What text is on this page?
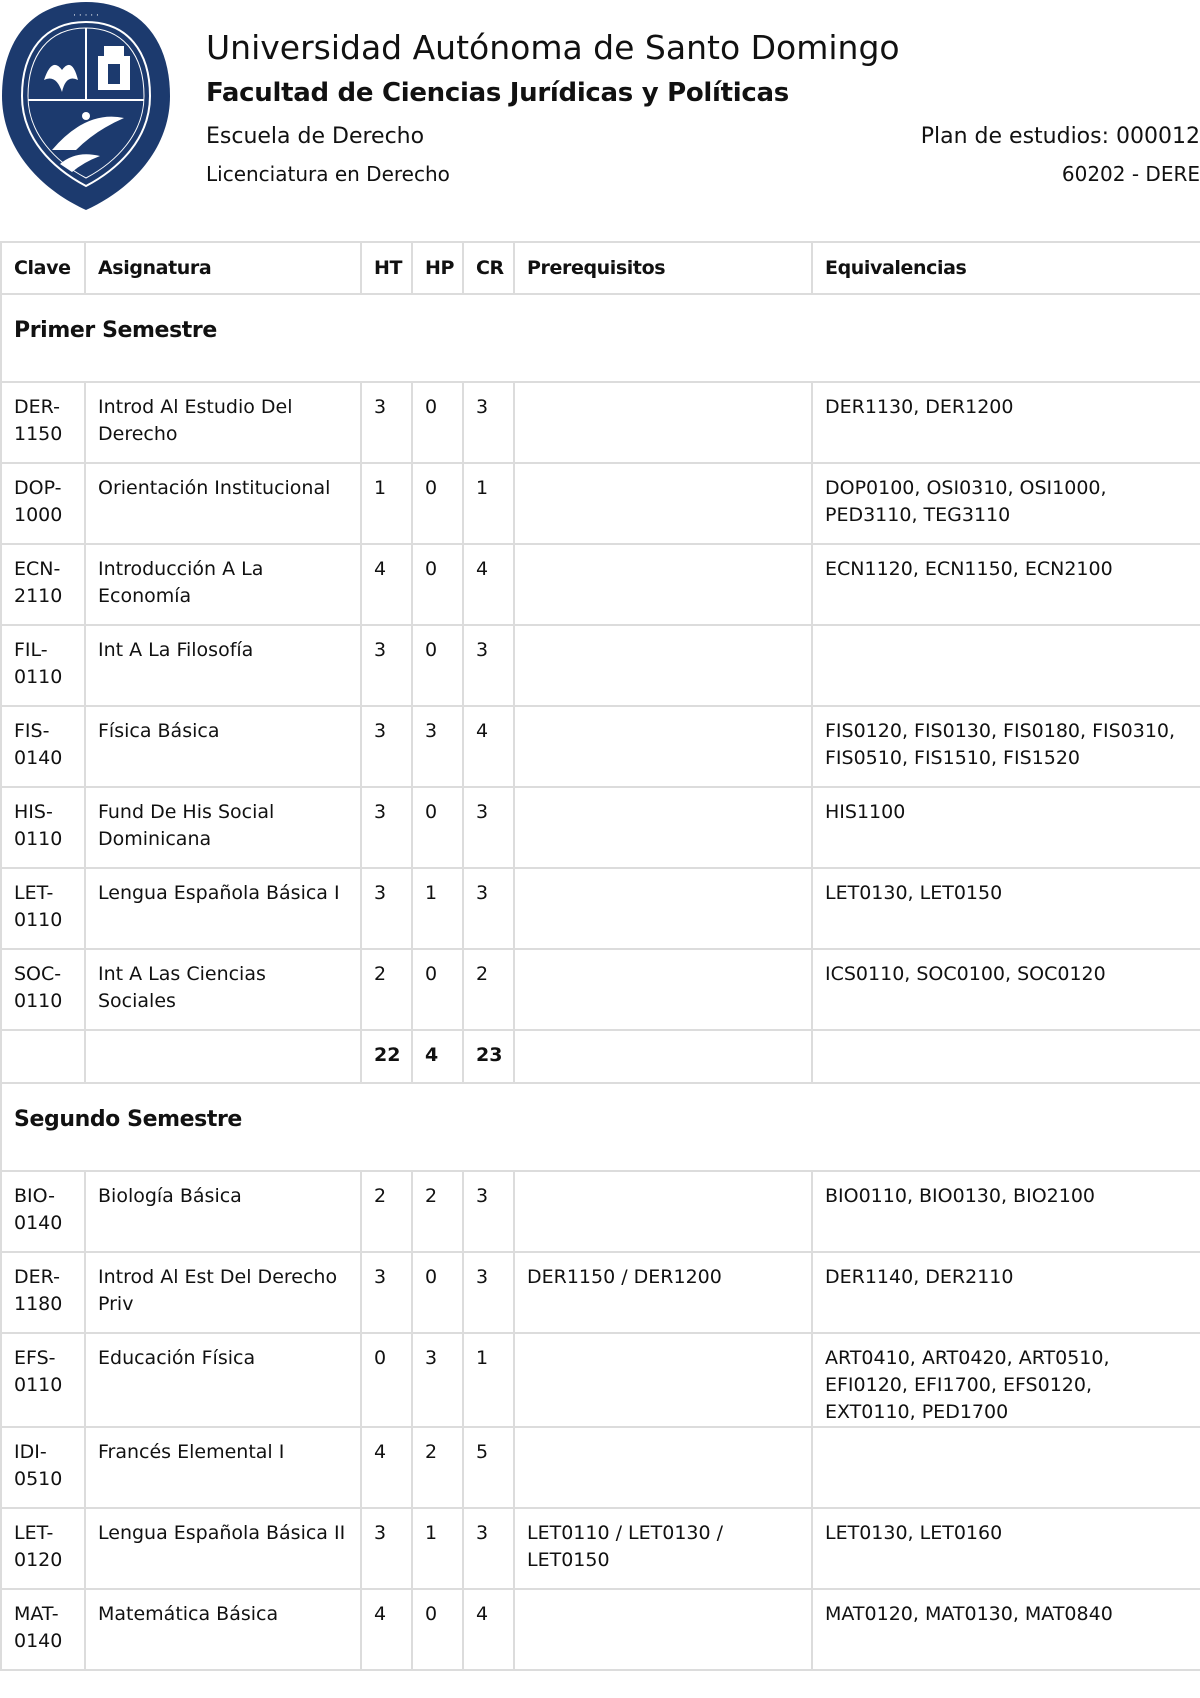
· · · · ·
Universidad Autónoma de Santo Domingo
Facultad de Ciencias Jurídicas y Políticas
Escuela de Derecho
Licenciatura en Derecho
Plan de estudios: 000012
60202 - DERE
Clave	Asignatura	HT	HP	CR	Prerequisitos	Equivalencias
Primer Semestre						
DER-1150	Introd Al Estudio Del Derecho	3	0	3		DER1130, DER1200
DOP-1000	Orientación Institucional	1	0	1		DOP0100, OSI0310, OSI1000, PED3110, TEG3110
ECN-2110	Introducción A La Economía	4	0	4		ECN1120, ECN1150, ECN2100
FIL-0110	Int A La Filosofía	3	0	3		
FIS-0140	Física Básica	3	3	4		FIS0120, FIS0130, FIS0180, FIS0310, FIS0510, FIS1510, FIS1520
HIS-0110	Fund De His Social Dominicana	3	0	3		HIS1100
LET-0110	Lengua Española Básica I	3	1	3		LET0130, LET0150
SOC-0110	Int A Las Ciencias Sociales	2	0	2		ICS0110, SOC0100, SOC0120
		22	4	23		
Segundo Semestre						
BIO-0140	Biología Básica	2	2	3		BIO0110, BIO0130, BIO2100
DER-1180	Introd Al Est Del Derecho Priv	3	0	3	DER1150 / DER1200	DER1140, DER2110
EFS-0110	Educación Física	0	3	1		ART0410, ART0420, ART0510, EFI0120, EFI1700, EFS0120, EXT0110, PED1700
IDI-0510	Francés Elemental I	4	2	5		
LET-0120	Lengua Española Básica II	3	1	3	LET0110 / LET0130 / LET0150	LET0130, LET0160
MAT-0140	Matemática Básica	4	0	4		MAT0120, MAT0130, MAT0840
